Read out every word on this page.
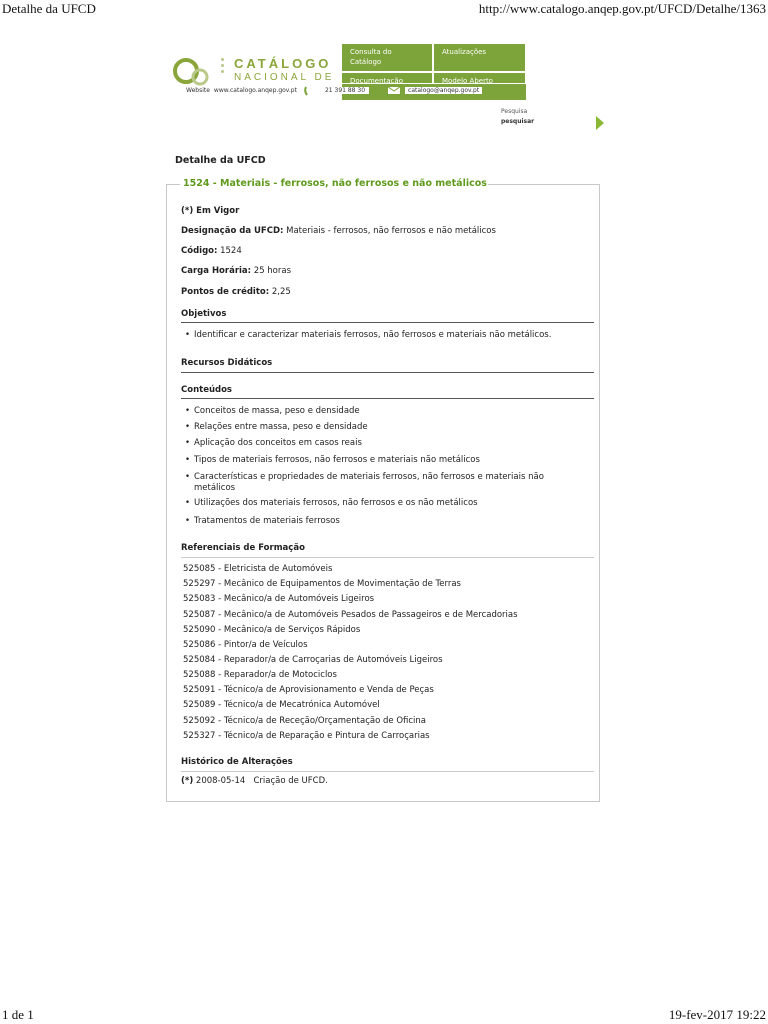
Detalhe da UFCD	http://www.catalogo.anqep.gov.pt/UFCD/Detalhe/1363
CATÁLOGO
NACIONAL DE
Consulta do Catálogo
Atualizações
Documentação	Modelo Aberto
Website www.catalogo.anqep.gov.pt	21 391 88 30	catalogo@anqep.gov.pt
Pesquisa
pesquisar
Detalhe da UFCD
1524 - Materiais - ferrosos, não ferrosos e não metálicos
(*) Em Vigor
Designação da UFCD: Materiais - ferrosos, não ferrosos e não metálicos
Código: 1524
Carga Horária: 25 horas
Pontos de crédito: 2,25
Objetivos
• Identificar e caracterizar materiais ferrosos, não ferrosos e materiais não metálicos.
Recursos Didáticos
Conteúdos
• Conceitos de massa, peso e densidade
• Relações entre massa, peso e densidade
• Aplicação dos conceitos em casos reais
• Tipos de materiais ferrosos, não ferrosos e materiais não metálicos
• Características e propriedades de materiais ferrosos, não ferrosos e materiais não metálicos
• Utilizações dos materiais ferrosos, não ferrosos e os não metálicos
• Tratamentos de materiais ferrosos
Referenciais de Formação
525085 - Eletricista de Automóveis
525297 - Mecânico de Equipamentos de Movimentação de Terras
525083 - Mecânico/a de Automóveis Ligeiros
525087 - Mecânico/a de Automóveis Pesados de Passageiros e de Mercadorias
525090 - Mecânico/a de Serviços Rápidos
525086 - Pintor/a de Veículos
525084 - Reparador/a de Carroçarias de Automóveis Ligeiros
525088 - Reparador/a de Motociclos
525091 - Técnico/a de Aprovisionamento e Venda de Peças
525089 - Técnico/a de Mecatrónica Automóvel
525092 - Técnico/a de Receção/Orçamentação de Oficina
525327 - Técnico/a de Reparação e Pintura de Carroçarias
Histórico de Alterações
(*) 2008-05-14 Criação de UFCD.
1 de 1	19-fev-2017 19:22
